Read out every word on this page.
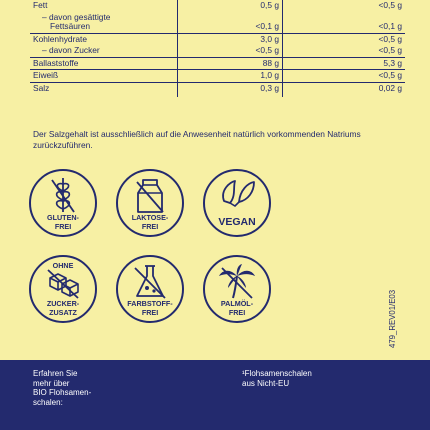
Fett	0,5 g	<0,5 g

– davon gesättigte
Fettsäuren	<0,1 g	<0,1 g
Kohlenhydrate	3,0 g	<0,5 g
– davon Zucker	<0,5 g	<0,5 g
Ballaststoffe	88 g	5,3 g
Eiweiß	1,0 g	<0,5 g
Salz	0,3 g	0,02 g
Der Salzgehalt ist ausschließlich auf die Anwesenheit natürlich vorkommenden Natriums zurückzuführen.
GLUTEN-
FREI
LAKTOSE-
FREI	VEGAN
OHNE
ZUCKER-
ZUSATZ
FARBSTOFF-
FREI
PALMÖL-
FREI	479_REV01/E03
Erfahren Sie
mehr über
BIO Flohsamen-
schalen:
¹Flohsamenschalen
aus Nicht-EU
